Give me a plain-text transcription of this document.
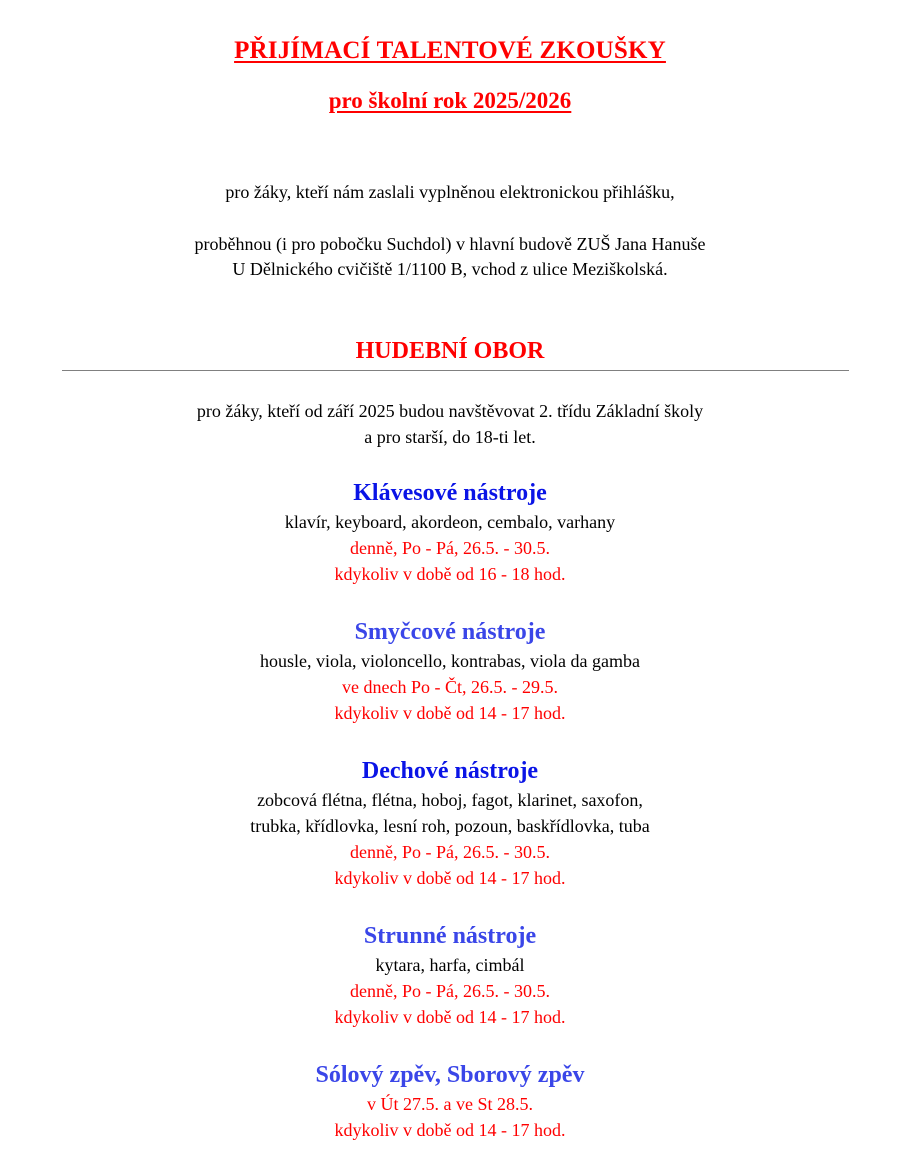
PŘIJÍMACÍ TALENTOVÉ ZKOUŠKY
pro školní rok 2025/2026
pro žáky, kteří nám zaslali vyplněnou elektronickou přihlášku,
proběhnou (i pro pobočku Suchdol) v hlavní budově ZUŠ Jana Hanuše
U Dělnického cvičiště 1/1100 B, vchod z ulice Meziškolská.
HUDEBNÍ OBOR
pro žáky, kteří od září 2025 budou navštěvovat 2. třídu Základní školy
a pro starší, do 18-ti let.
Klávesové nástroje
klavír, keyboard, akordeon, cembalo, varhany
denně, Po - Pá, 26.5. - 30.5.
kdykoliv v době od 16 - 18 hod.
Smyčcové nástroje
housle, viola, violoncello, kontrabas, viola da gamba
ve dnech Po - Čt, 26.5. - 29.5.
kdykoliv v době od 14 - 17 hod.
Dechové nástroje
zobcová flétna, flétna, hoboj, fagot, klarinet, saxofon,
trubka, křídlovka, lesní roh, pozoun, baskřídlovka, tuba
denně, Po - Pá, 26.5. - 30.5.
kdykoliv v době od 14 - 17 hod.
Strunné nástroje
kytara, harfa, cimbál
denně, Po - Pá, 26.5. - 30.5.
kdykoliv v době od 14 - 17 hod.
Sólový zpěv, Sborový zpěv
v Út 27.5. a ve St 28.5.
kdykoliv v době od 14 - 17 hod.
